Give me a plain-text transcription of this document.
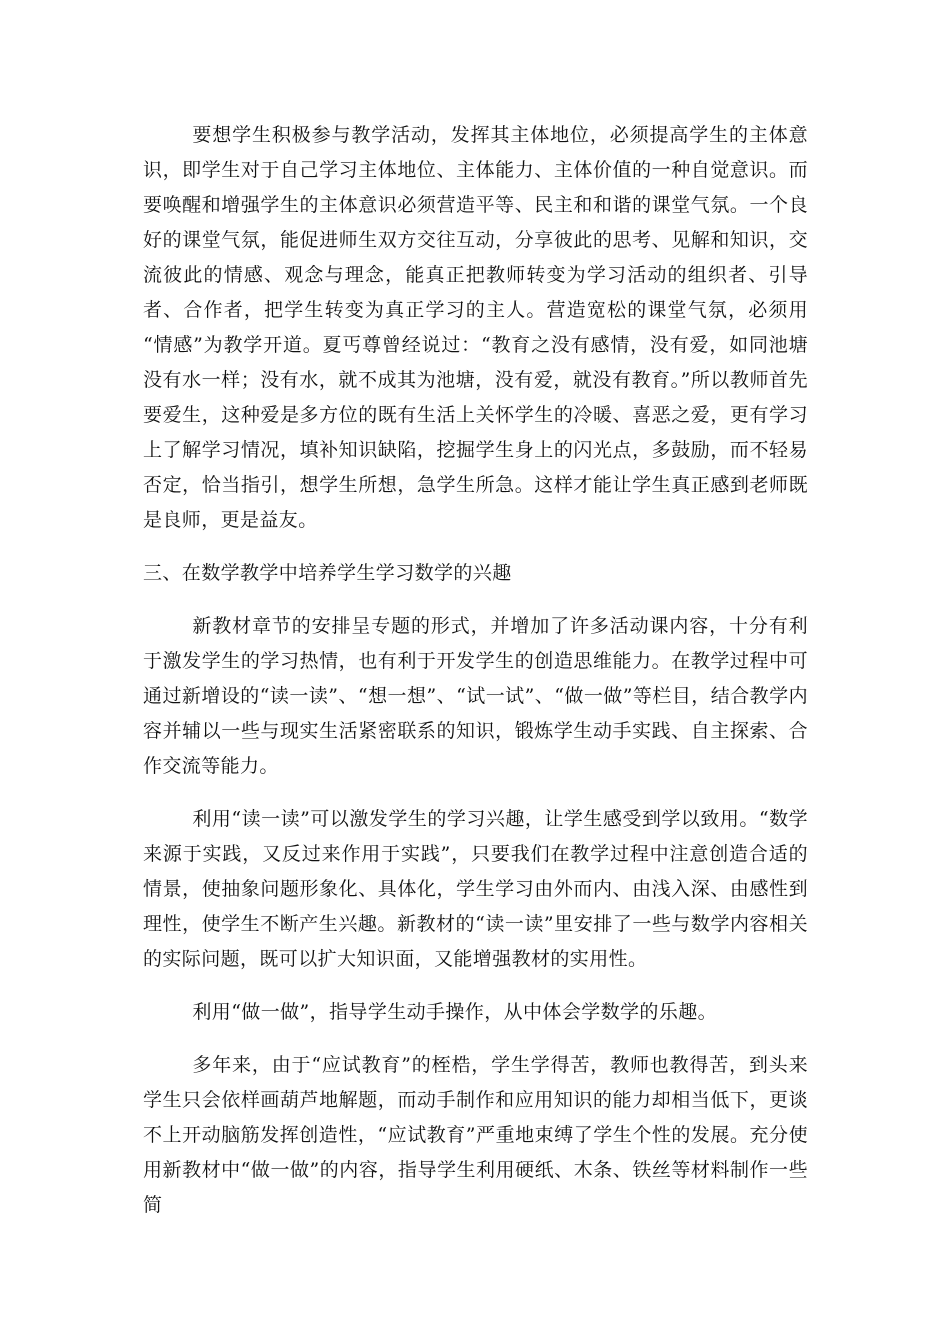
要想学生积极参与教学活动，发挥其主体地位，必须提高学生的主体意识，即学生对于自己学习主体地位、主体能力、主体价值的一种自觉意识。而要唤醒和增强学生的主体意识必须营造平等、民主和和谐的课堂气氛。一个良好的课堂气氛，能促进师生双方交往互动，分享彼此的思考、见解和知识，交流彼此的情感、观念与理念，能真正把教师转变为学习活动的组织者、引导者、合作者，把学生转变为真正学习的主人。营造宽松的课堂气氛，必须用 “情感”为教学开道。夏丐尊曾经说过：“教育之没有感情，没有爱，如同池塘没有水一样；没有水，就不成其为池塘，没有爱，就没有教育。”所以教师首先要爱生，这种爱是多方位的既有生活上关怀学生的冷暖、喜恶之爱，更有学习上了解学习情况，填补知识缺陷，挖掘学生身上的闪光点，多鼓励，而不轻易否定，恰当指引，想学生所想，急学生所急。这样才能让学生真正感到老师既是良师，更是益友。

三、在数学教学中培养学生学习数学的兴趣

新教材章节的安排呈专题的形式，并增加了许多活动课内容，十分有利于激发学生的学习热情，也有利于开发学生的创造思维能力。在教学过程中可通过新增设的“读一读”、“想一想”、“试一试”、“做一做”等栏目，结合教学内容并辅以一些与现实生活紧密联系的知识，锻炼学生动手实践、自主探索、合作交流等能力。

利用“读一读”可以激发学生的学习兴趣，让学生感受到学以致用。“数学来源于实践，又反过来作用于实践”，只要我们在教学过程中注意创造合适的情景，使抽象问题形象化、具体化，学生学习由外而内、由浅入深、由感性到理性，使学生不断产生兴趣。新教材的“读一读”里安排了一些与数学内容相关的实际问题，既可以扩大知识面，又能增强教材的实用性。

利用“做一做”，指导学生动手操作，从中体会学数学的乐趣。

多年来，由于“应试教育”的桎梏，学生学得苦，教师也教得苦，到头来学生只会依样画葫芦地解题，而动手制作和应用知识的能力却相当低下，更谈不上开动脑筋发挥创造性，“应试教育”严重地束缚了学生个性的发展。充分使用新教材中“做一做”的内容，指导学生利用硬纸、木条、铁丝等材料制作一些简
